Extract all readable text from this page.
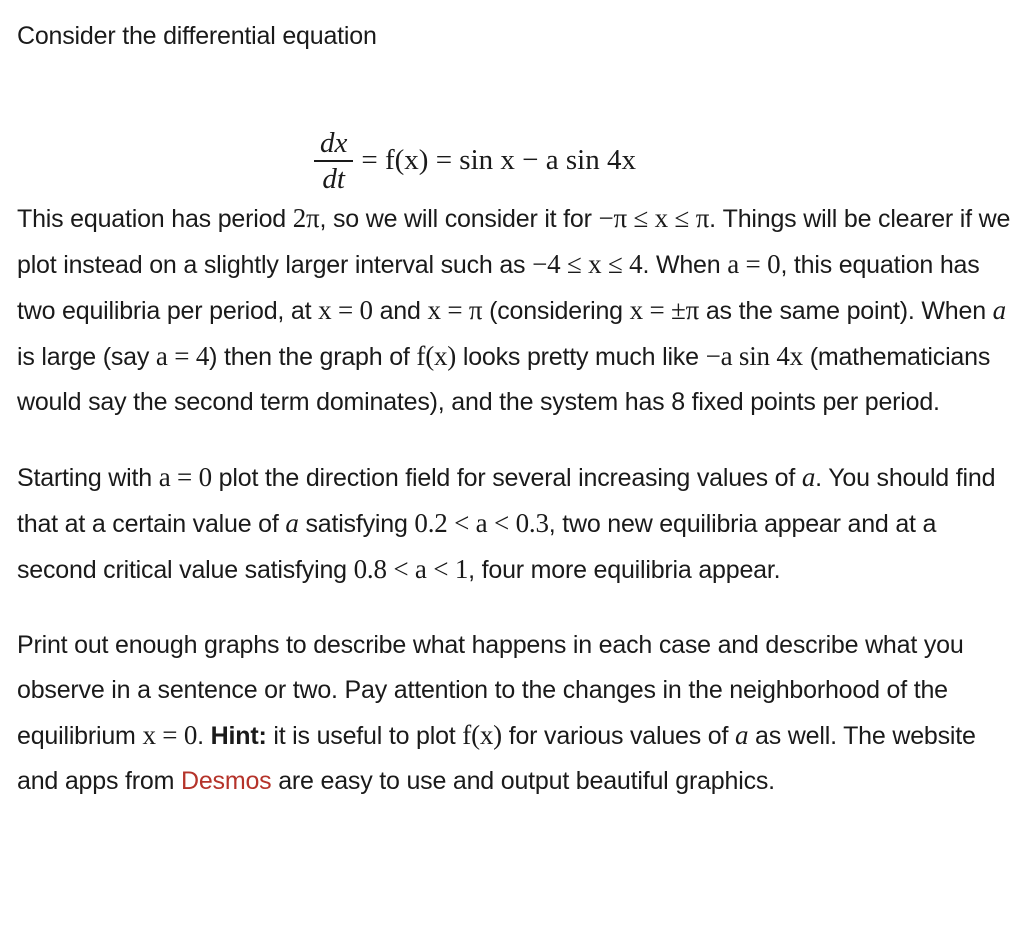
Consider the differential equation

$\frac{dx}{dt} = f(x) = \sin x - a$ sin 4x

This equation has period 2π, so we will consider it for −π ≤ x ≤ π. Things will be clearer if we plot instead on a slightly larger interval such as −4 ≤ x ≤ 4. When a = 0, this equation has two equilibria per period, at x = 0 and x = π (considering x = ±π as the same point). When a is large (say a = 4) then the graph of f(x) looks pretty much like −a sin 4x (mathematicians would say the second term dominates), and the system has 8 fixed points per period.

Starting with a = 0 plot the direction field for several increasing values of a. You should find that at a certain value of a satisfying 0.2 < a < 0.3, two new equilibria appear and at a second critical value satisfying 0.8 < a < 1, four more equilibria appear.

Print out enough graphs to describe what happens in each case and describe what you observe in a sentence or two. Pay attention to the changes in the neighborhood of the equilibrium x = 0. Hint: it is useful to plot f(x) for various values of a as well. The website and apps from Desmos are easy to use and output beautiful graphics.
